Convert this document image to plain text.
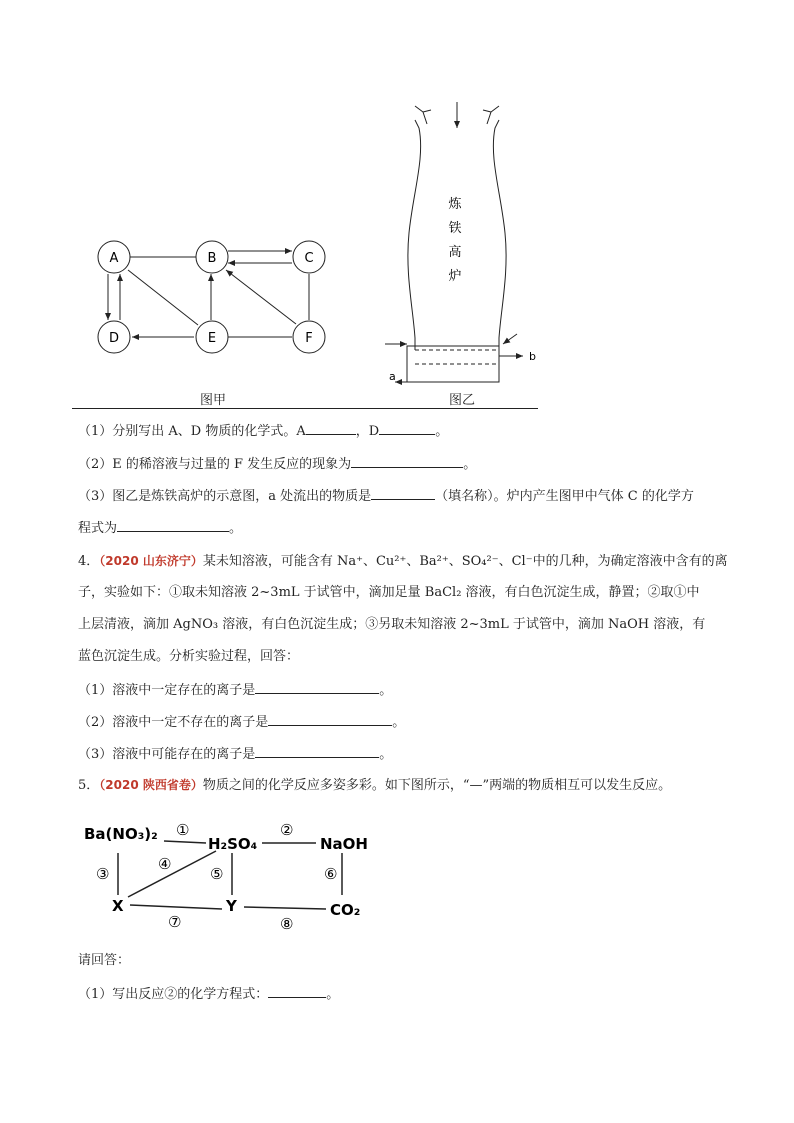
A	B	C
D	E	F
图甲
b
a
炼
铁
高
炉
图乙
（1）分别写出 A、D 物质的化学式。A	，D	。
（2）E 的稀溶液与过量的 F 发生反应的现象为	。
（3）图乙是炼铁高炉的示意图，a 处流出的物质是	（填名称）。炉内产生图甲中气体 C 的化学方
程式为	。
4．（2020 山东济宁）某未知溶液，可能含有 Na⁺、Cu²⁺、Ba²⁺、SO₄²⁻、Cl⁻中的几种，为确定溶液中含有的离
子，实验如下：①取未知溶液 2~3mL 于试管中，滴加足量 BaCl₂ 溶液，有白色沉淀生成，静置；②取①中
上层清液，滴加 AgNO₃ 溶液，有白色沉淀生成；③另取未知溶液 2~3mL 于试管中，滴加 NaOH 溶液，有
蓝色沉淀生成。分析实验过程，回答：
（1）溶液中一定存在的离子是	。
（2）溶液中一定不存在的离子是	。
（3）溶液中可能存在的离子是	。
5．（2020 陕西省卷）物质之间的化学反应多姿多彩。如下图所示，“—”两端的物质相互可以发生反应。
Ba(NO₃)₂
H₂SO₄	NaOH
X	Y	CO₂
①	②
③
④
⑤	⑥
⑦	⑧
请回答：
（1）写出反应②的化学方程式：	。
